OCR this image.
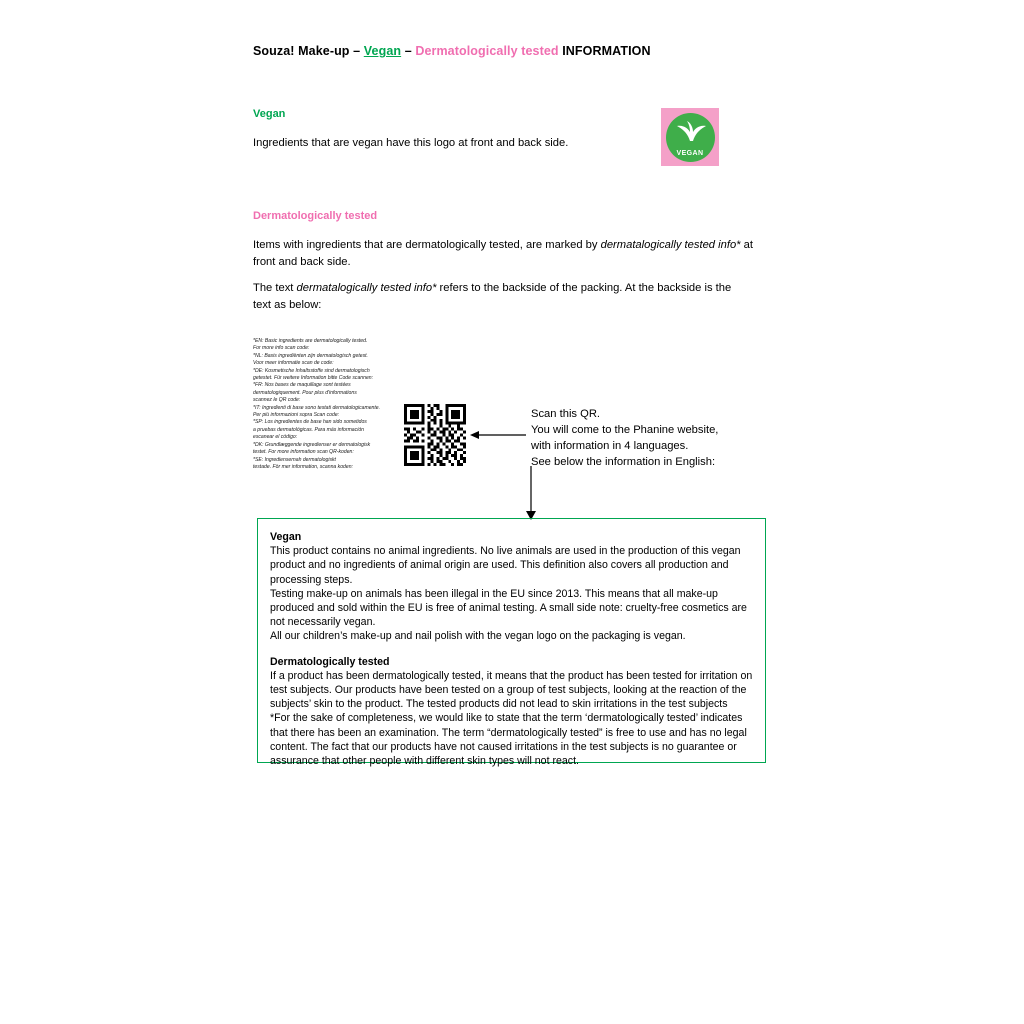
Souza! Make-up – Vegan – Dermatologically tested INFORMATION
Vegan
Ingredients that are vegan have this logo at front and back side.
VEGAN
Dermatologically tested
Items with ingredients that are dermatologically tested, are marked by dermatalogically tested info* at front and back side.
The text dermatalogically tested info* refers to the backside of the packing. At the backside is the text as below:
*EN: Basic ingredients are dermatologically tested.
For more info scan code:
*NL: Basis ingrediënten zijn dermatologisch getest.
Voor meer informatie scan de code:
*DE: Kosmetische Inhaltsstoffe sind dermatologisch
getestet. Für weitere Information bitte Code scannen:
*FR: Nos bases de maquillage sont testées
dermatologiquement. Pour plus d'informations
scannez le QR code:
*IT: Ingredienti di base sono testati dermatologicamente.
Per più informazioni sopra Scan code:
*SP: Los ingredientes de base han sido sometidos
a pruebas dermatológicas. Para más información
escanear el código:
*DK: Grundlæggende ingredienser er dermatologisk
testet. For more information scan QR-koden:
*SE: Ingrediensernah dermatologiskt
testade. För mer information, scanna koden:
Scan this QR.
You will come to the Phanine website,
with information in 4 languages.
See below the information in English:
Vegan

This product contains no animal ingredients. No live animals are used in the production of this vegan product and no ingredients of animal origin are used. This definition also covers all production and processing steps.

Testing make-up on animals has been illegal in the EU since 2013. This means that all make-up produced and sold within the EU is free of animal testing. A small side note: cruelty-free cosmetics are not necessarily vegan.

All our children’s make-up and nail polish with the vegan logo on the packaging is vegan.

Dermatologically tested

If a product has been dermatologically tested, it means that the product has been tested for irritation on test subjects. Our products have been tested on a group of test subjects, looking at the reaction of the subjects’ skin to the product. The tested products did not lead to skin irritations in the test subjects

*For the sake of completeness, we would like to state that the term ‘dermatologically tested’ indicates that there has been an examination. The term “dermatologically tested” is free to use and has no legal content. The fact that our products have not caused irritations in the test subjects is no guarantee or assurance that other people with different skin types will not react.
